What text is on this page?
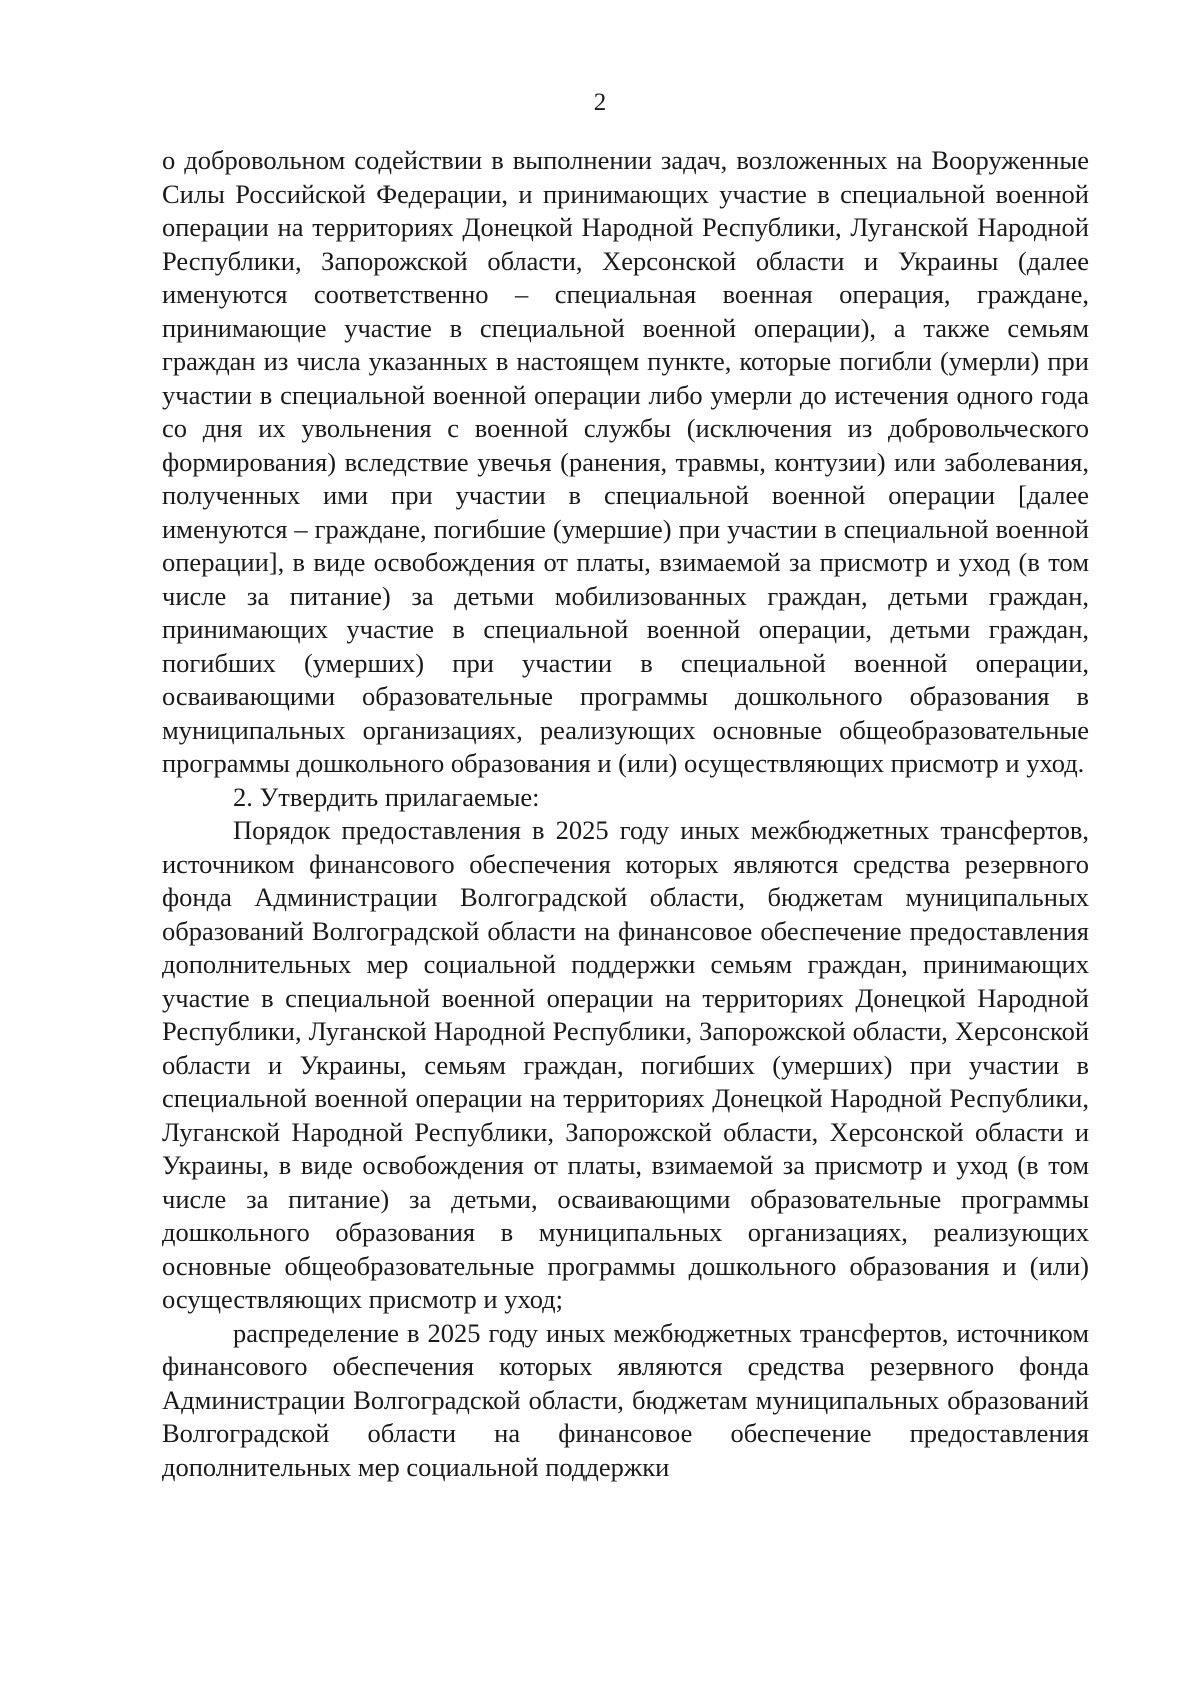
2

о добровольном содействии в выполнении задач, возложенных на Вооруженные Силы Российской Федерации, и принимающих участие в специальной военной операции на территориях Донецкой Народной Республики, Луганской Народной Республики, Запорожской области, Херсонской области и Украины (далее именуются соответственно – специальная военная операция, граждане, принимающие участие в специальной военной операции), а также семьям граждан из числа указанных в настоящем пункте, которые погибли (умерли) при участии в специальной военной операции либо умерли до истечения одного года со дня их увольнения с военной службы (исключения из добровольческого формирования) вследствие увечья (ранения, травмы, контузии) или заболевания, полученных ими при участии в специальной военной операции [далее именуются – граждане, погибшие (умершие) при участии в специальной военной операции], в виде освобождения от платы, взимаемой за присмотр и уход (в том числе за питание) за детьми мобилизованных граждан, детьми граждан, принимающих участие в специальной военной операции, детьми граждан, погибших (умерших) при участии в специальной военной операции, осваивающими образовательные программы дошкольного образования в муниципальных организациях, реализующих основные общеобразовательные программы дошкольного образования и (или) осуществляющих присмотр и уход.

2. Утвердить прилагаемые:

Порядок предоставления в 2025 году иных межбюджетных трансфертов, источником финансового обеспечения которых являются средства резервного фонда Администрации Волгоградской области, бюджетам муниципальных образований Волгоградской области на финансовое обеспечение предоставления дополнительных мер социальной поддержки семьям граждан, принимающих участие в специальной военной операции на территориях Донецкой Народной Республики, Луганской Народной Республики, Запорожской области, Херсонской области и Украины, семьям граждан, погибших (умерших) при участии в специальной военной операции на территориях Донецкой Народной Республики, Луганской Народной Республики, Запорожской области, Херсонской области и Украины, в виде освобождения от платы, взимаемой за присмотр и уход (в том числе за питание) за детьми, осваивающими образовательные программы дошкольного образования в муниципальных организациях, реализующих основные общеобразовательные программы дошкольного образования и (или) осуществляющих присмотр и уход;

распределение в 2025 году иных межбюджетных трансфертов, источником финансового обеспечения которых являются средства резервного фонда Администрации Волгоградской области, бюджетам муниципальных образований Волгоградской области на финансовое обеспечение предоставления дополнительных мер социальной поддержки
